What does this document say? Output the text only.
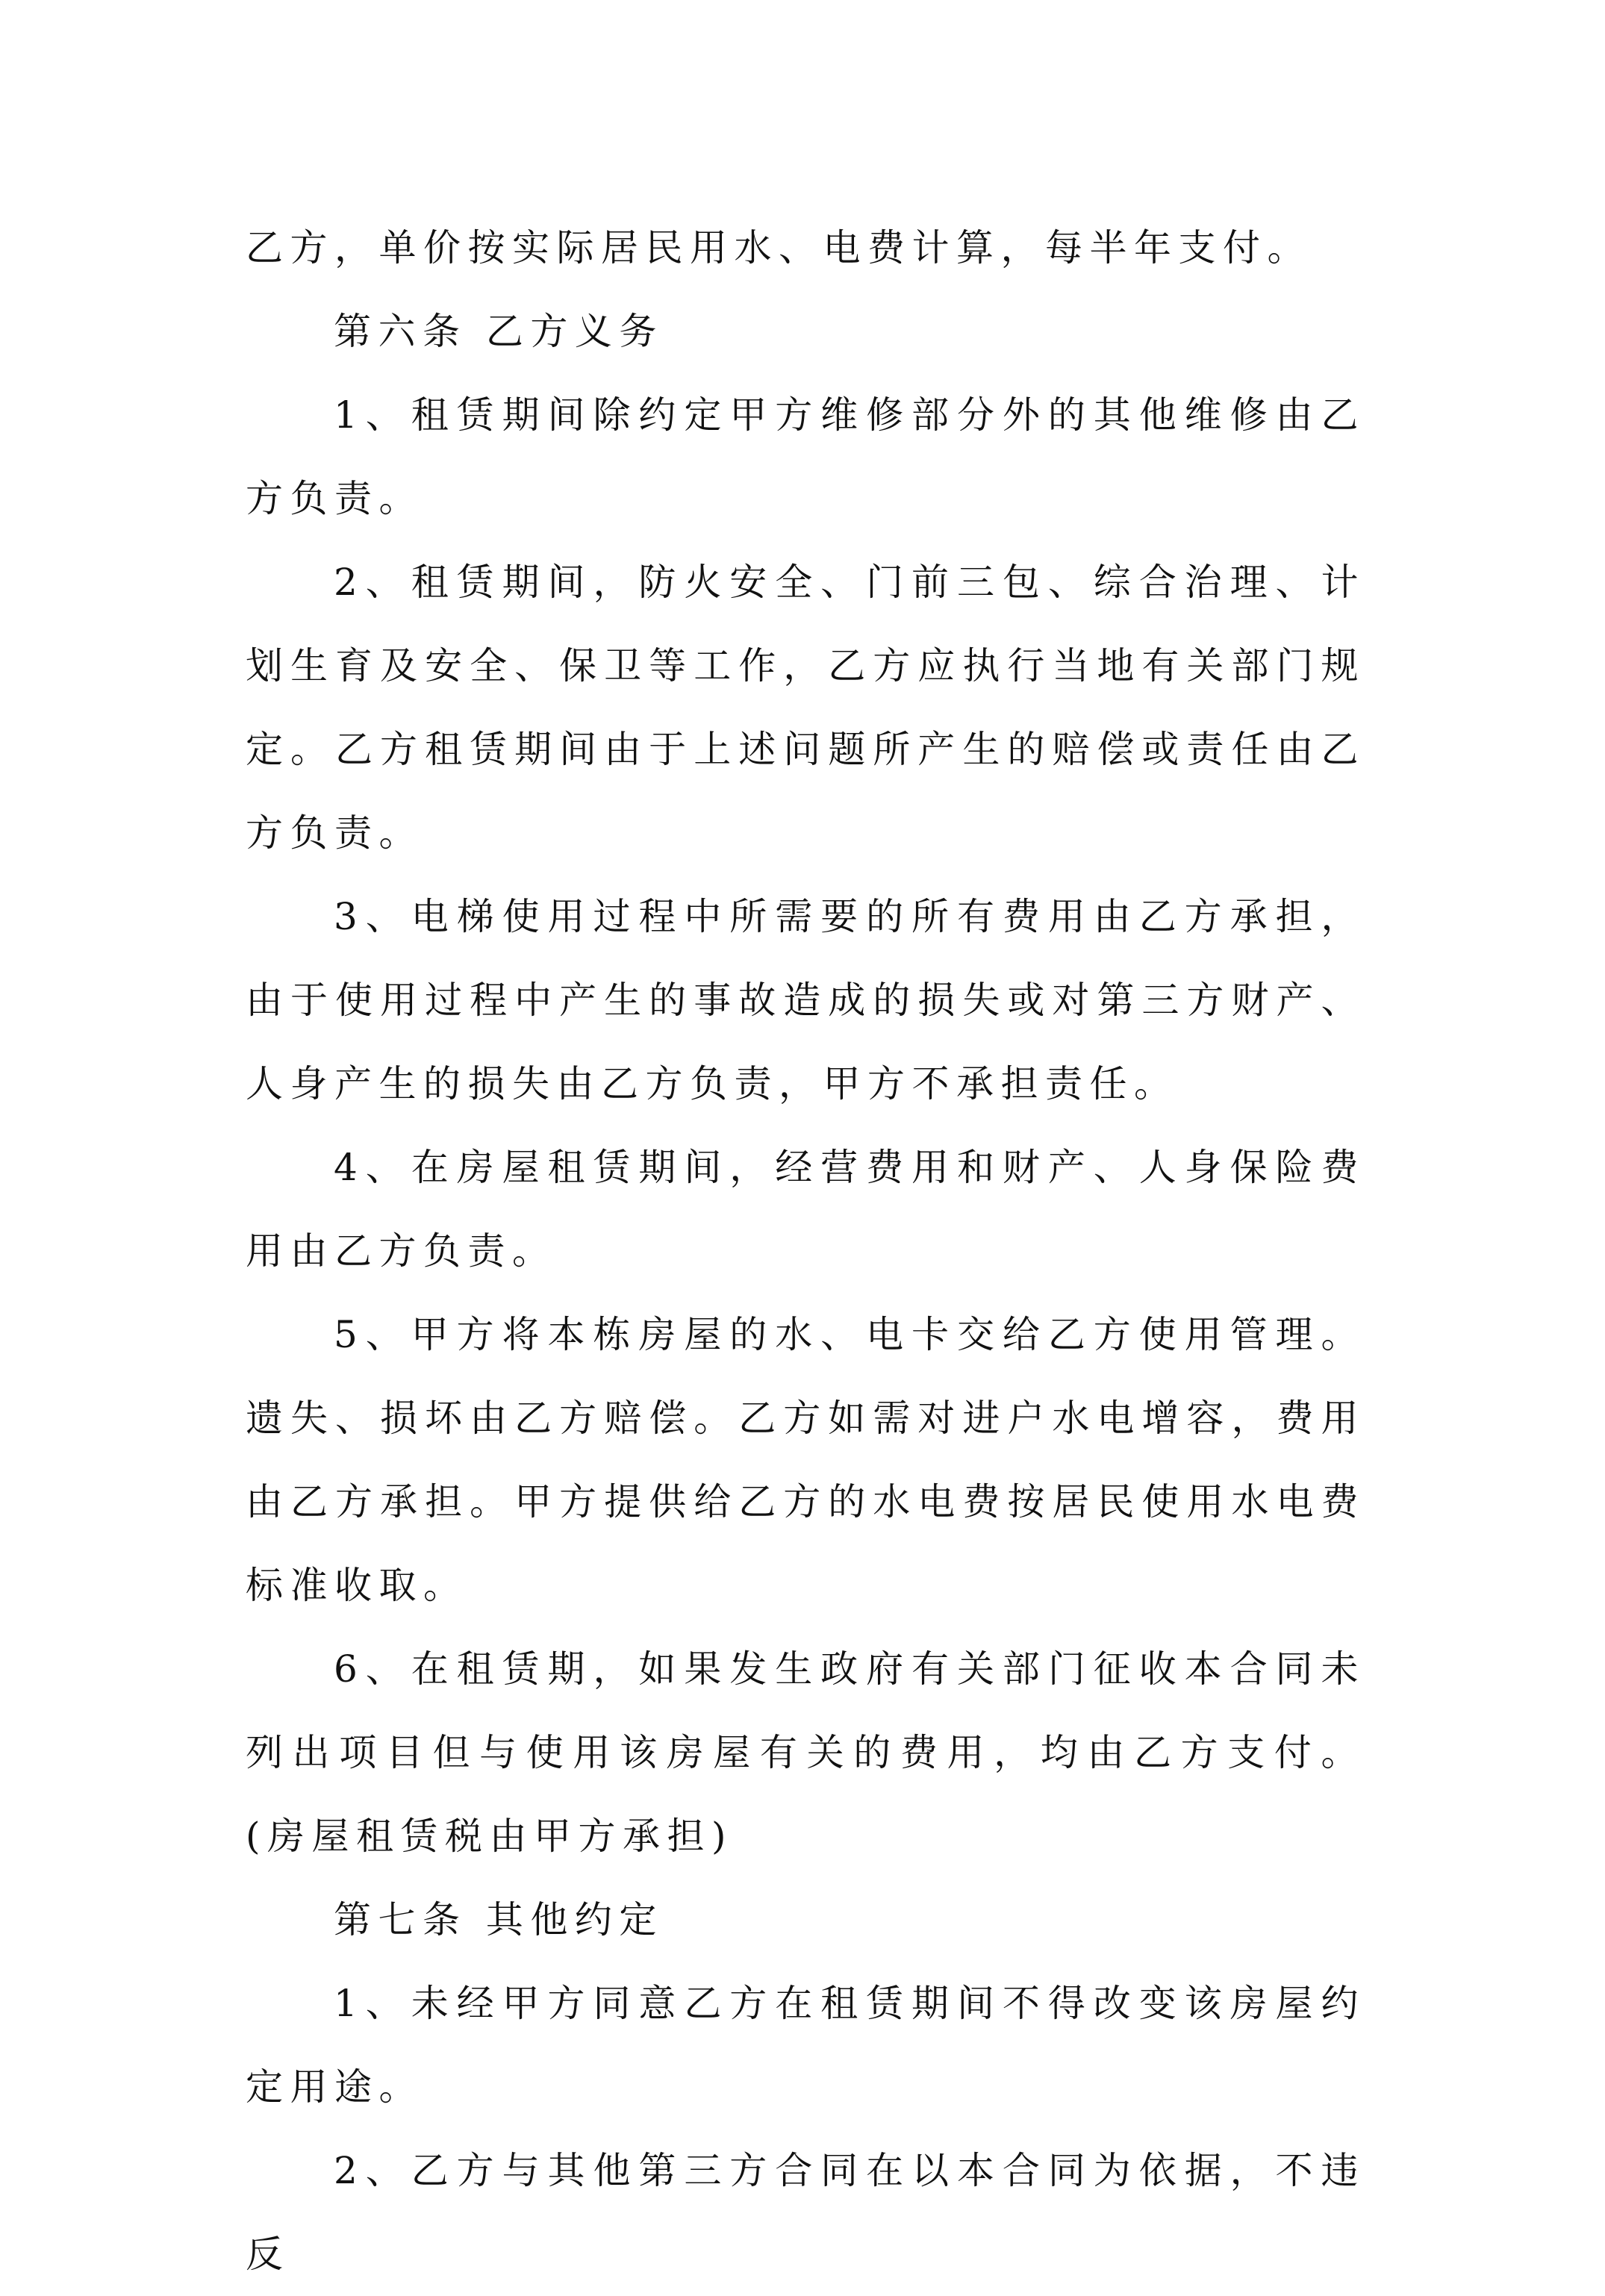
乙方，单价按实际居民用水、电费计算，每半年支付。

第六条 乙方义务

1、租赁期间除约定甲方维修部分外的其他维修由乙方负责。

2、租赁期间，防火安全、门前三包、综合治理、计划生育及安全、保卫等工作，乙方应执行当地有关部门规定。乙方租赁期间由于上述问题所产生的赔偿或责任由乙方负责。

3、电梯使用过程中所需要的所有费用由乙方承担，由于使用过程中产生的事故造成的损失或对第三方财产、人身产生的损失由乙方负责，甲方不承担责任。

4、在房屋租赁期间，经营费用和财产、人身保险费用由乙方负责。

5、甲方将本栋房屋的水、电卡交给乙方使用管理。遗失、损坏由乙方赔偿。乙方如需对进户水电增容，费用由乙方承担。甲方提供给乙方的水电费按居民使用水电费标准收取。

6、在租赁期，如果发生政府有关部门征收本合同未列出项目但与使用该房屋有关的费用，均由乙方支付。(房屋租赁税由甲方承担)

第七条 其他约定

1、未经甲方同意乙方在租赁期间不得改变该房屋约定用途。

2、乙方与其他第三方合同在以本合同为依据，不违反
